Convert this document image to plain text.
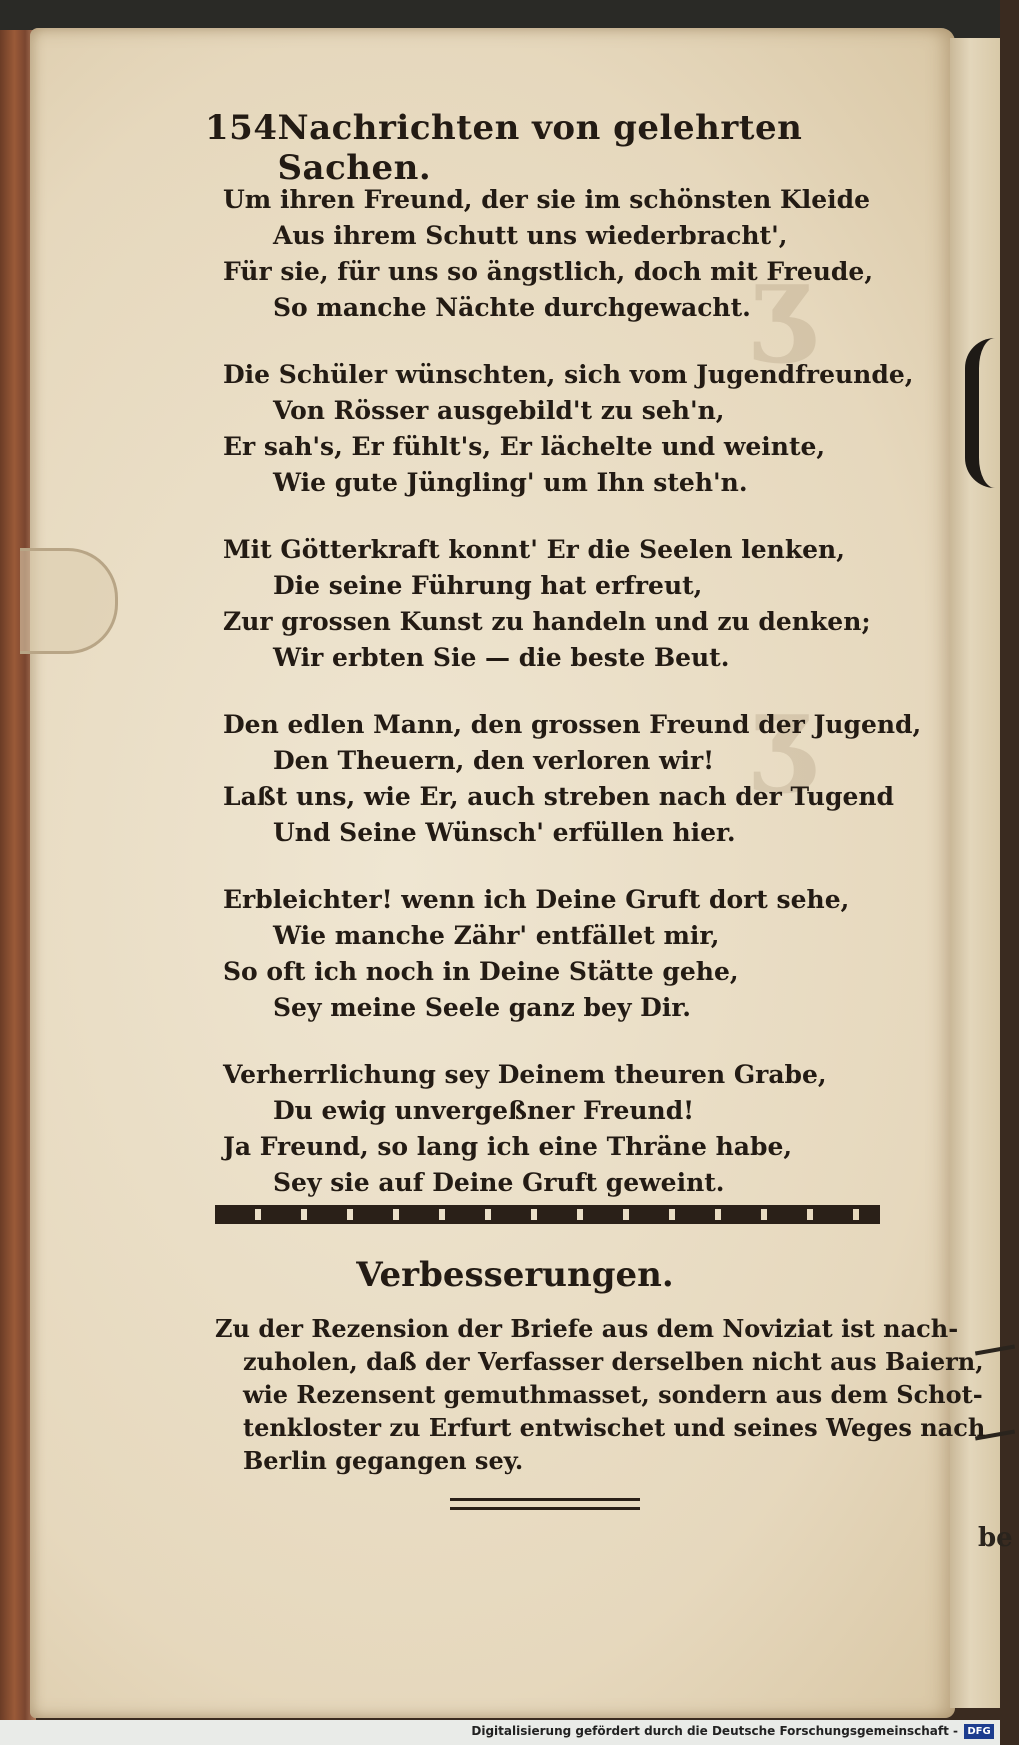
ʒ
ʒ
be
154 Nachrichten von gelehrten Sachen.
Um ihren Freund, der sie im schönsten Kleide
Aus ihrem Schutt uns wiederbracht',
Für sie, für uns so ängstlich, doch mit Freude,
So manche Nächte durchgewacht.
Die Schüler wünschten, sich vom Jugendfreunde,
Von Rösser ausgebild't zu seh'n,
Er sah's, Er fühlt's, Er lächelte und weinte,
Wie gute Jüngling' um Ihn steh'n.
Mit Götterkraft konnt' Er die Seelen lenken,
Die seine Führung hat erfreut,
Zur grossen Kunst zu handeln und zu denken;
Wir erbten Sie — die beste Beut.
Den edlen Mann, den grossen Freund der Jugend,
Den Theuern, den verloren wir!
Laßt uns, wie Er, auch streben nach der Tugend
Und Seine Wünsch' erfüllen hier.
Erbleichter! wenn ich Deine Gruft dort sehe,
Wie manche Zähr' entfället mir,
So oft ich noch in Deine Stätte gehe,
Sey meine Seele ganz bey Dir.
Verherrlichung sey Deinem theuren Grabe,
Du ewig unvergeßner Freund!
Ja Freund, so lang ich eine Thräne habe,
Sey sie auf Deine Gruft geweint.
Verbesserungen.
Zu der Rezension der Briefe aus dem Noviziat ist nach-
zuholen, daß der Verfasser derselben nicht aus Baiern,
wie Rezensent gemuthmasset, sondern aus dem Schot-
tenkloster zu Erfurt entwischet und seines Weges nach
Berlin gegangen sey.
Digitalisierung gefördert durch die Deutsche Forschungsgemeinschaft - DFG
